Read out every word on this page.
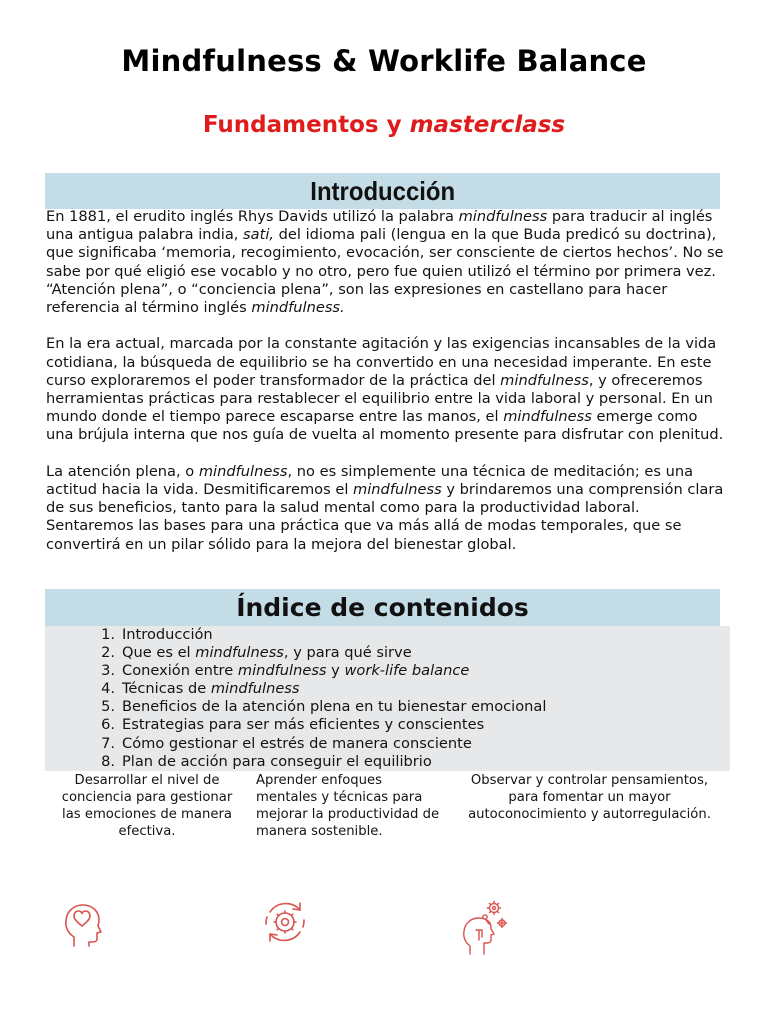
Mindfulness & Worklife Balance
Fundamentos y masterclass
Introducción

En 1881, el erudito inglés Rhys Davids utilizó la palabra mindfulness para traducir al inglés una antigua palabra india, sati, del idioma pali (lengua en la que Buda predicó su doctrina), que significaba ‘memoria, recogimiento, evocación, ser consciente de ciertos hechos’. No se sabe por qué eligió ese vocablo y no otro, pero fue quien utilizó el término por primera vez. “Atención plena”, o “conciencia plena”, son las expresiones en castellano para hacer referencia al término inglés mindfulness.

En la era actual, marcada por la constante agitación y las exigencias incansables de la vida cotidiana, la búsqueda de equilibrio se ha convertido en una necesidad imperante. En este curso exploraremos el poder transformador de la práctica del mindfulness, y ofreceremos herramientas prácticas para restablecer el equilibrio entre la vida laboral y personal. En un mundo donde el tiempo parece escaparse entre las manos, el mindfulness emerge como una brújula interna que nos guía de vuelta al momento presente para disfrutar con plenitud.

La atención plena, o mindfulness, no es simplemente una técnica de meditación; es una actitud hacia la vida. Desmitificaremos el mindfulness y brindaremos una comprensión clara de sus beneficios, tanto para la salud mental como para la productividad laboral. Sentaremos las bases para una práctica que va más allá de modas temporales, que se convertirá en un pilar sólido para la mejora del bienestar global.

Índice de contenidos
1. Introducción
2. Que es el mindfulness, y para qué sirve
3. Conexión entre mindfulness y work-life balance
4. Técnicas de mindfulness
5. Beneficios de la atención plena en tu bienestar emocional
6. Estrategias para ser más eficientes y conscientes
7. Cómo gestionar el estrés de manera consciente
8. Plan de acción para conseguir el equilibrio
Desarrollar el nivel de conciencia para gestionar las emociones de manera efectiva.
Aprender enfoques mentales y técnicas para mejorar la productividad de manera sostenible.
Observar y controlar pensamientos, para fomentar un mayor autoconocimiento y autorregulación.
